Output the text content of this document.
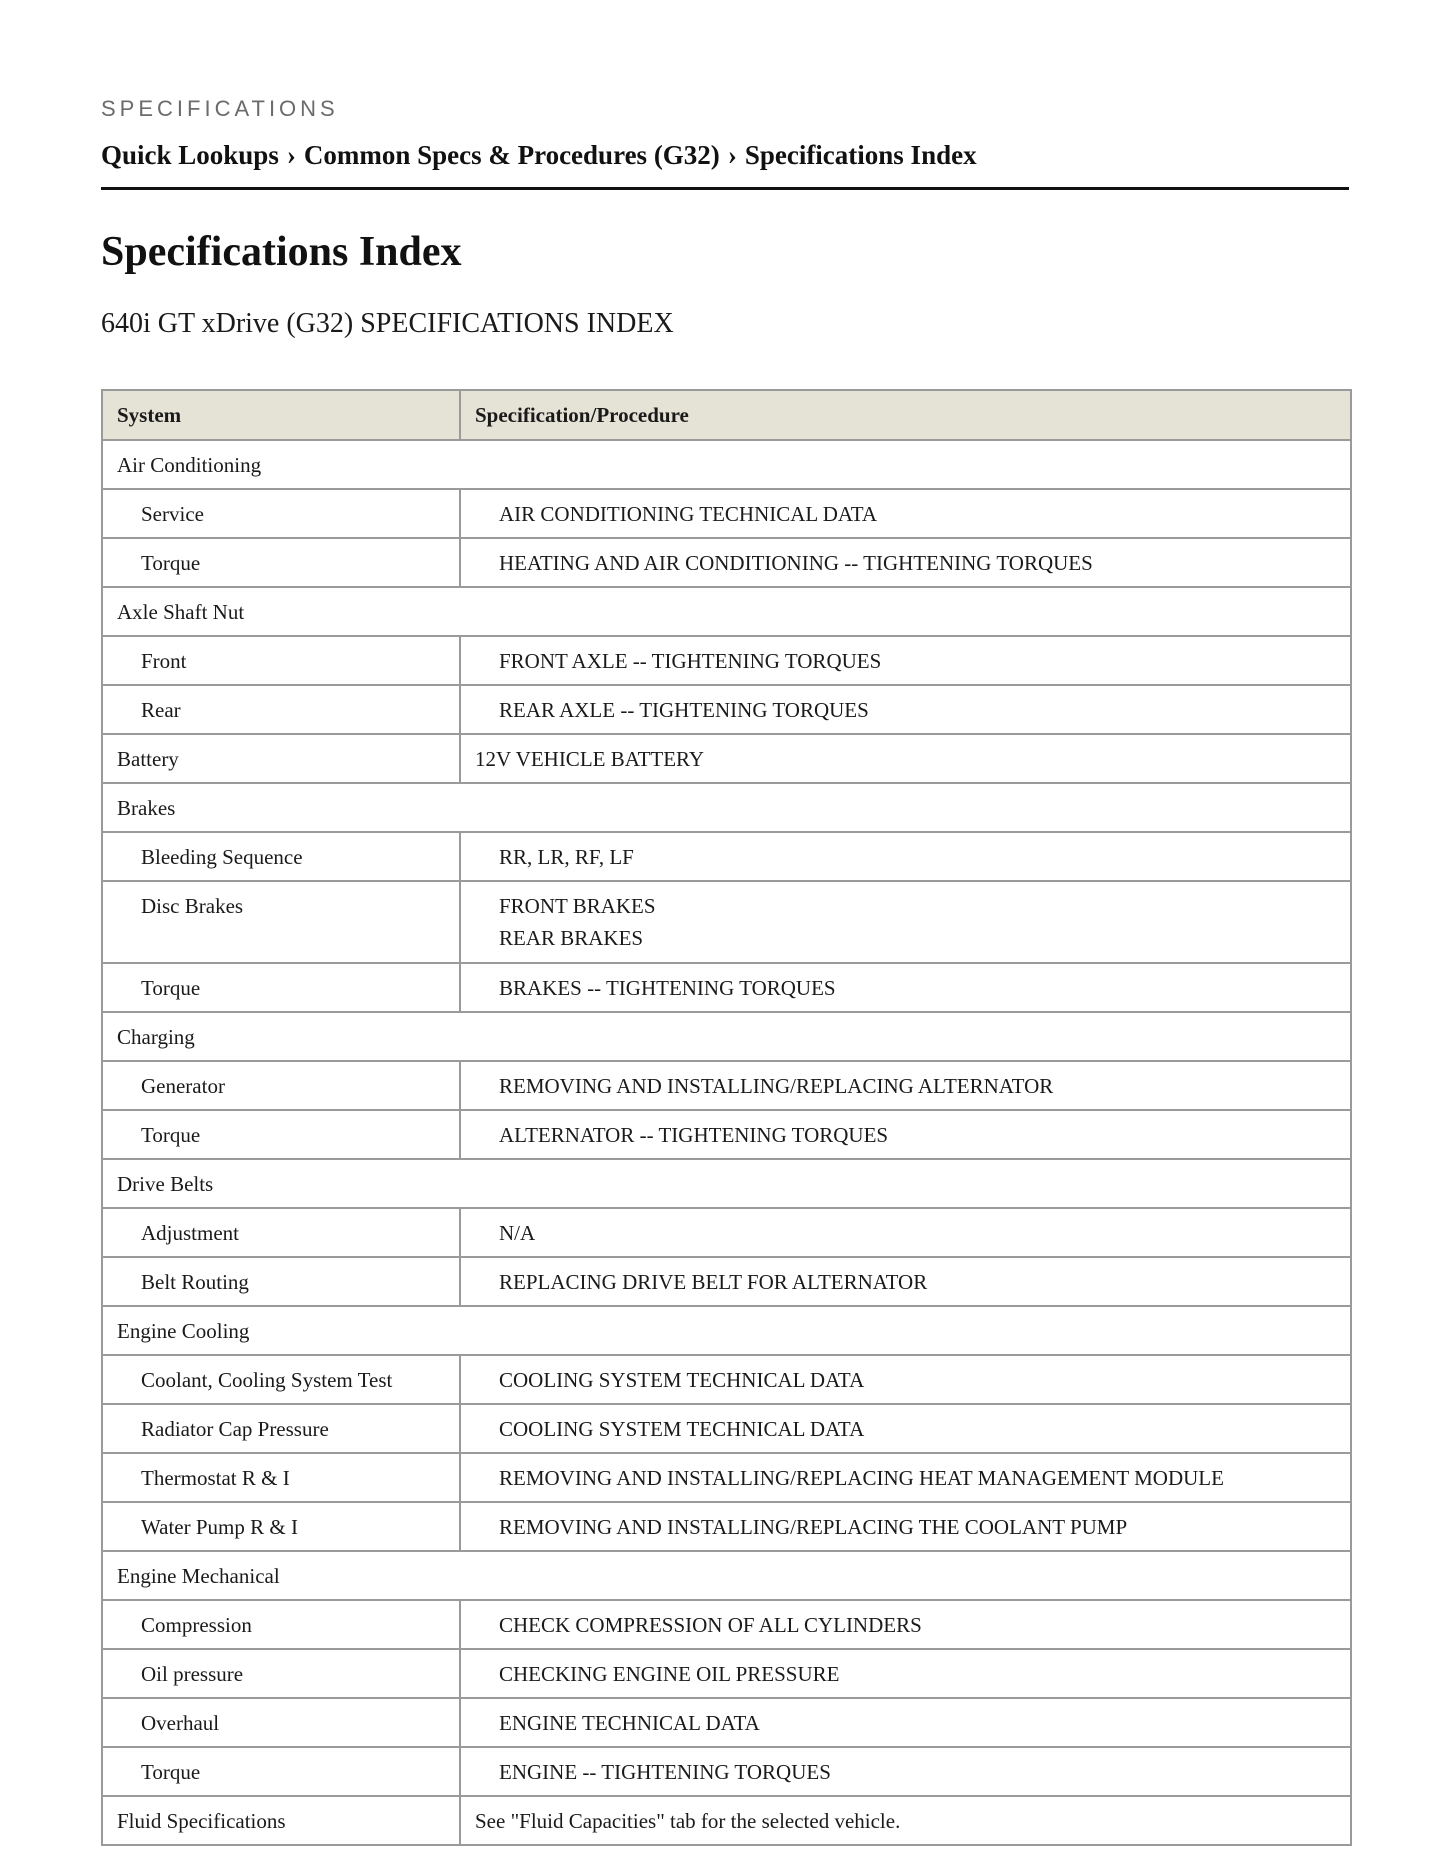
SPECIFICATIONS
Quick Lookups › Common Specs & Procedures (G32) › Specifications Index
Specifications Index
640i GT xDrive (G32) SPECIFICATIONS INDEX
System	Specification/Procedure
Air Conditioning	
Service	AIR CONDITIONING TECHNICAL DATA

Torque	HEATING AND AIR CONDITIONING -- TIGHTENING TORQUES

Axle Shaft Nut	
Front	FRONT AXLE -- TIGHTENING TORQUES

Rear	REAR AXLE -- TIGHTENING TORQUES

Battery	12V VEHICLE BATTERY

Brakes	
Bleeding Sequence	RR, LR, RF, LF

Disc Brakes	FRONT BRAKES
REAR BRAKES

Torque	BRAKES -- TIGHTENING TORQUES

Charging	
Generator	REMOVING AND INSTALLING/REPLACING ALTERNATOR

Torque	ALTERNATOR -- TIGHTENING TORQUES

Drive Belts	
Adjustment	N/A

Belt Routing	REPLACING DRIVE BELT FOR ALTERNATOR

Engine Cooling	
Coolant, Cooling System Test	COOLING SYSTEM TECHNICAL DATA

Radiator Cap Pressure	COOLING SYSTEM TECHNICAL DATA

Thermostat R & I	REMOVING AND INSTALLING/REPLACING HEAT MANAGEMENT MODULE

Water Pump R & I	REMOVING AND INSTALLING/REPLACING THE COOLANT PUMP

Engine Mechanical	
Compression	CHECK COMPRESSION OF ALL CYLINDERS

Oil pressure	CHECKING ENGINE OIL PRESSURE

Overhaul	ENGINE TECHNICAL DATA

Torque	ENGINE -- TIGHTENING TORQUES

Fluid Specifications	See "Fluid Capacities" tab for the selected vehicle.
